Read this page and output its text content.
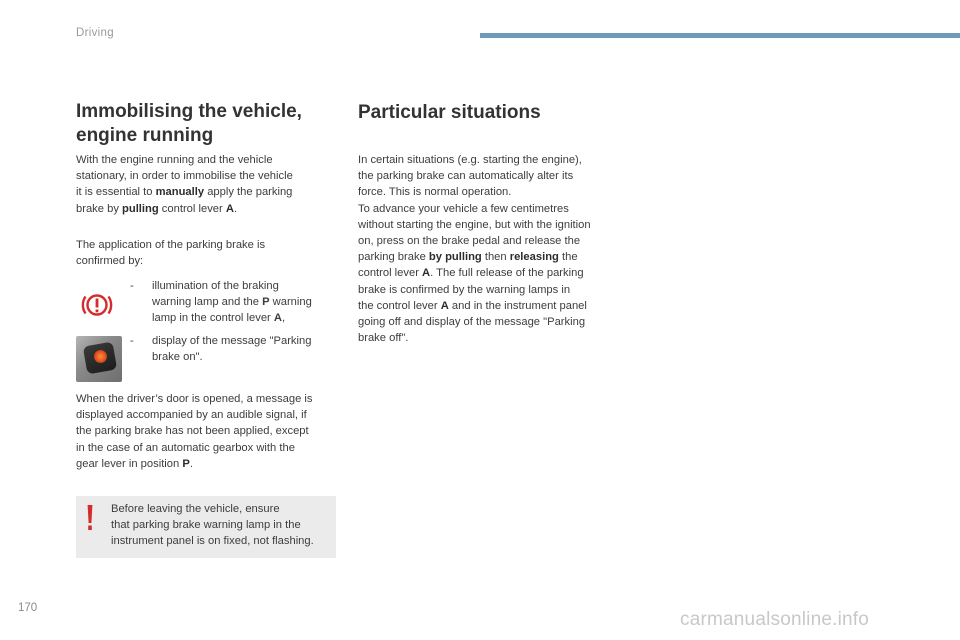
Driving
Immobilising the vehicle,
engine running
With the engine running and the vehicle
stationary, in order to immobilise the vehicle
it is essential to manually apply the parking
brake by pulling control lever A.
The application of the parking brake is
confirmed by:
- illumination of the braking
warning lamp and the P warning
lamp in the control lever A,
- display of the message "Parking
brake on".
When the driver’s door is opened, a message is
displayed accompanied by an audible signal, if
the parking brake has not been applied, except
in the case of an automatic gearbox with the
gear lever in position P.
Before leaving the vehicle, ensure
that parking brake warning lamp in the
instrument panel is on fixed, not flashing.
Particular situations
In certain situations (e.g. starting the engine),
the parking brake can automatically alter its
force. This is normal operation.
To advance your vehicle a few centimetres
without starting the engine, but with the ignition
on, press on the brake pedal and release the
parking brake by pulling then releasing the
control lever A. The full release of the parking
brake is confirmed by the warning lamps in
the control lever A and in the instrument panel
going off and display of the message "Parking
brake off".
170
carmanualsonline.info
